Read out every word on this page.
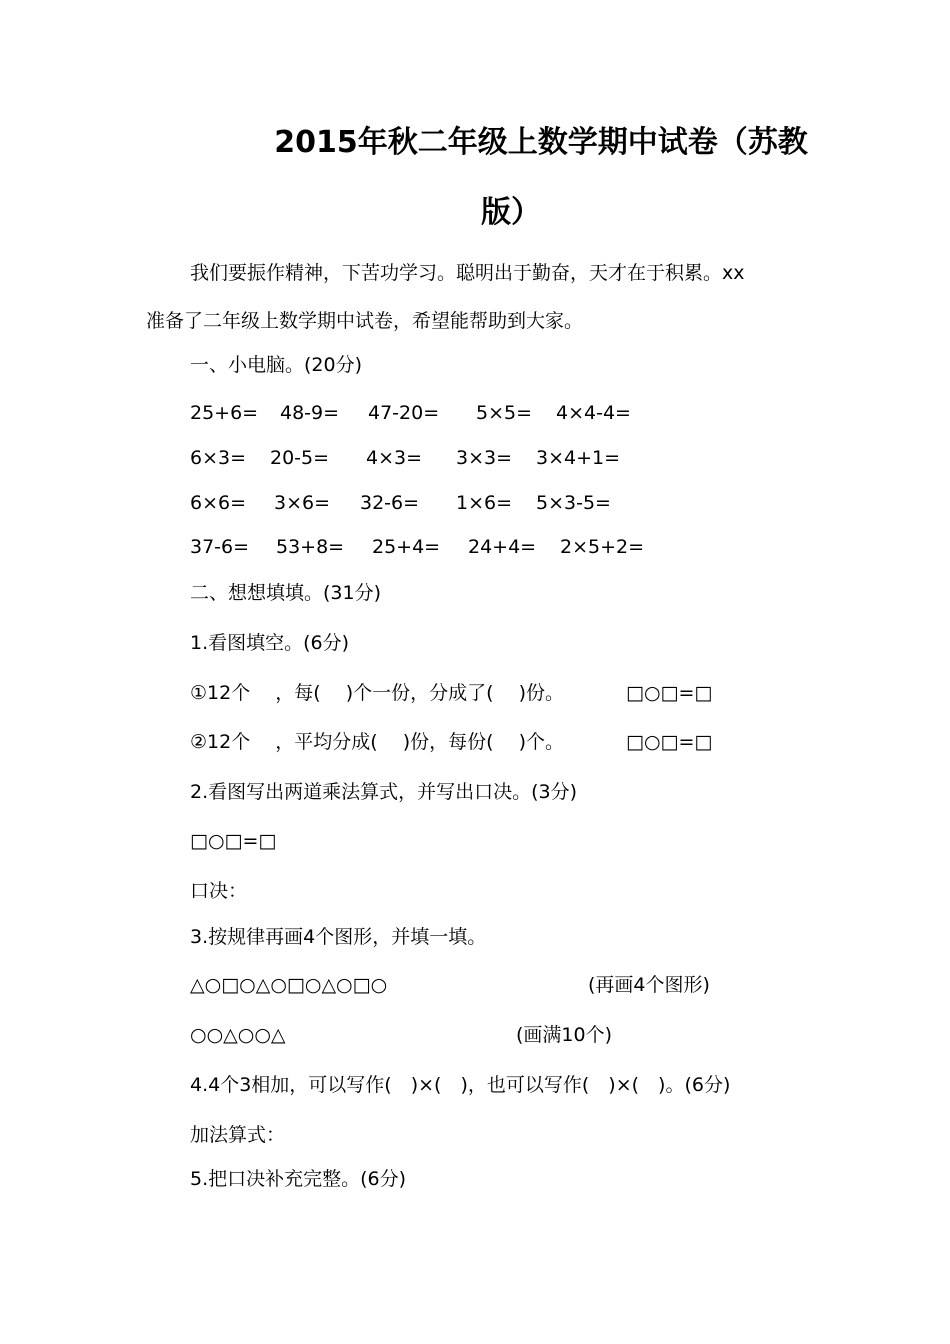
2015年秋二年级上数学期中试卷（苏教
版）

我们要振作精神，下苦功学习。聪明出于勤奋，天才在于积累。xx

准备了二年级上数学期中试卷，希望能帮助到大家。

一、小电脑。(20分)

25+6= 48-9= 47-20= 5×5= 4×4-4=
6×3= 20-5= 4×3= 3×3= 3×4+1=
6×6= 3×6= 32-6= 1×6= 5×3-5=
37-6= 53+8= 25+4= 24+4= 2×5+2=

二、想想填填。(31分)

1.看图填空。(6分)

①12个　 ，每(　 )个一份，分成了(　 )份。	□○□=□
②12个　 ，平均分成(　 )份，每份(　 )个。	□○□=□

2.看图写出两道乘法算式，并写出口决。(3分)

□○□=□

口决：

3.按规律再画4个图形，并填一填。

△○□○△○□○△○□○	(再画4个图形)
○○△○○△	(画满10个)

4.4个3相加，可以写作(　)×(　)，也可以写作(　)×(　)。(6分)

加法算式：

5.把口决补充完整。(6分)
